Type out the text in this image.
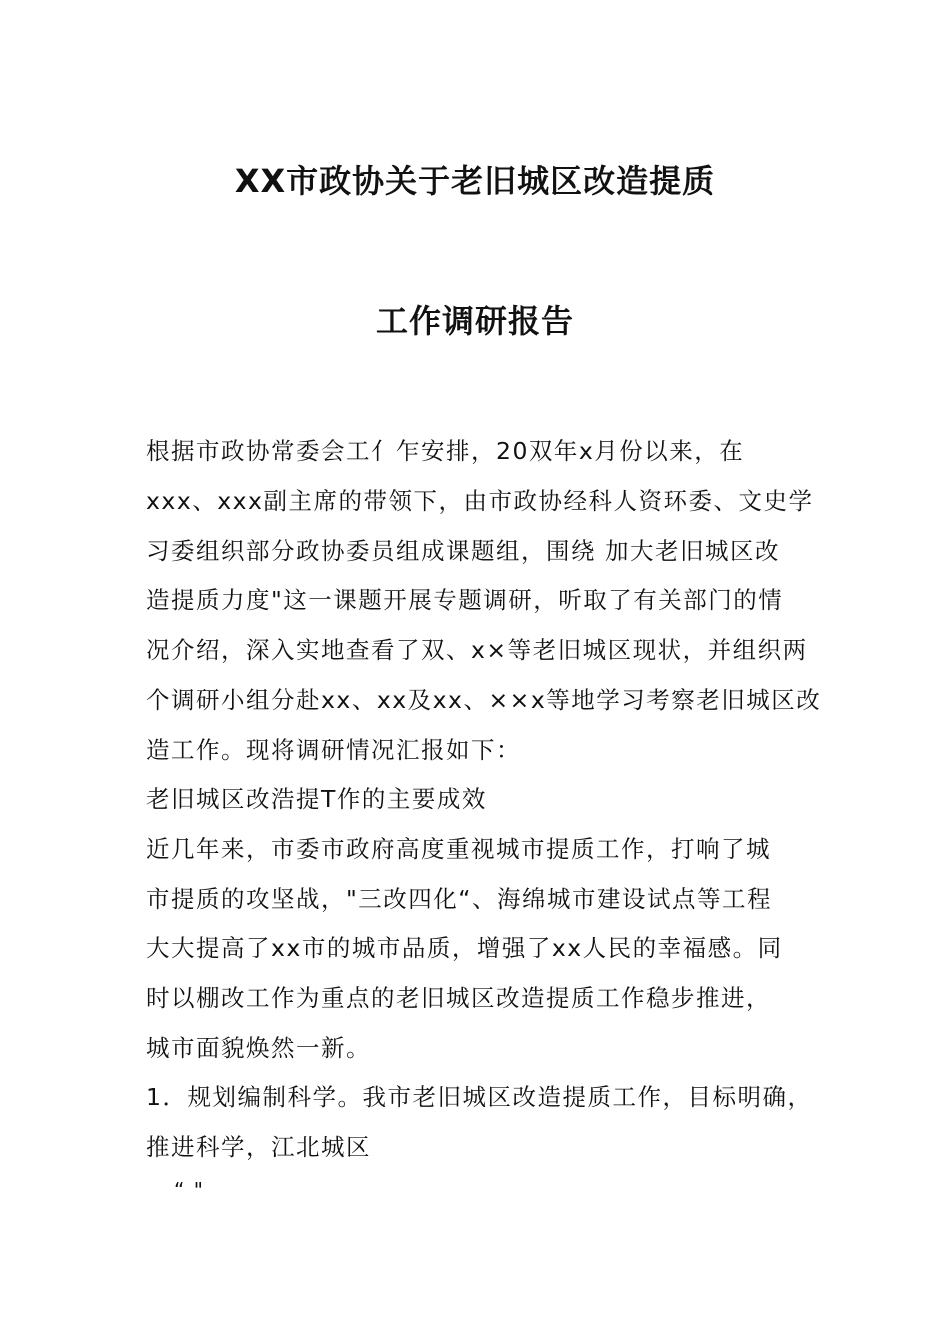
XX市政协关于老旧城区改造提质
工作调研报告
根据市政协常委会工亻乍安排，20双年x月份以来，在
xxx、xxx副主席的带领下，由市政协经科人资环委、文史学
习委组织部分政协委员组成课题组，围绕 加大老旧城区改
造提质力度"这一课题开展专题调研，听取了有关部门的情
况介绍，深入实地查看了双、x×等老旧城区现状，并组织两
个调研小组分赴xx、xx及xx、××x等地学习考察老旧城区改
造工作。现将调研情况汇报如下：
老旧城区改浩提T作的主要成效
近几年来，市委市政府高度重视城市提质工作，打响了城
市提质的攻坚战，"三改四化“、海绵城市建设试点等工程
大大提高了xx市的城市品质，增强了xx人民的幸福感。同
时以棚改工作为重点的老旧城区改造提质工作稳步推进，
城市面貌焕然一新。
1．规划编制科学。我市老旧城区改造提质工作，目标明确，
推进科学，江北城区
“ "
